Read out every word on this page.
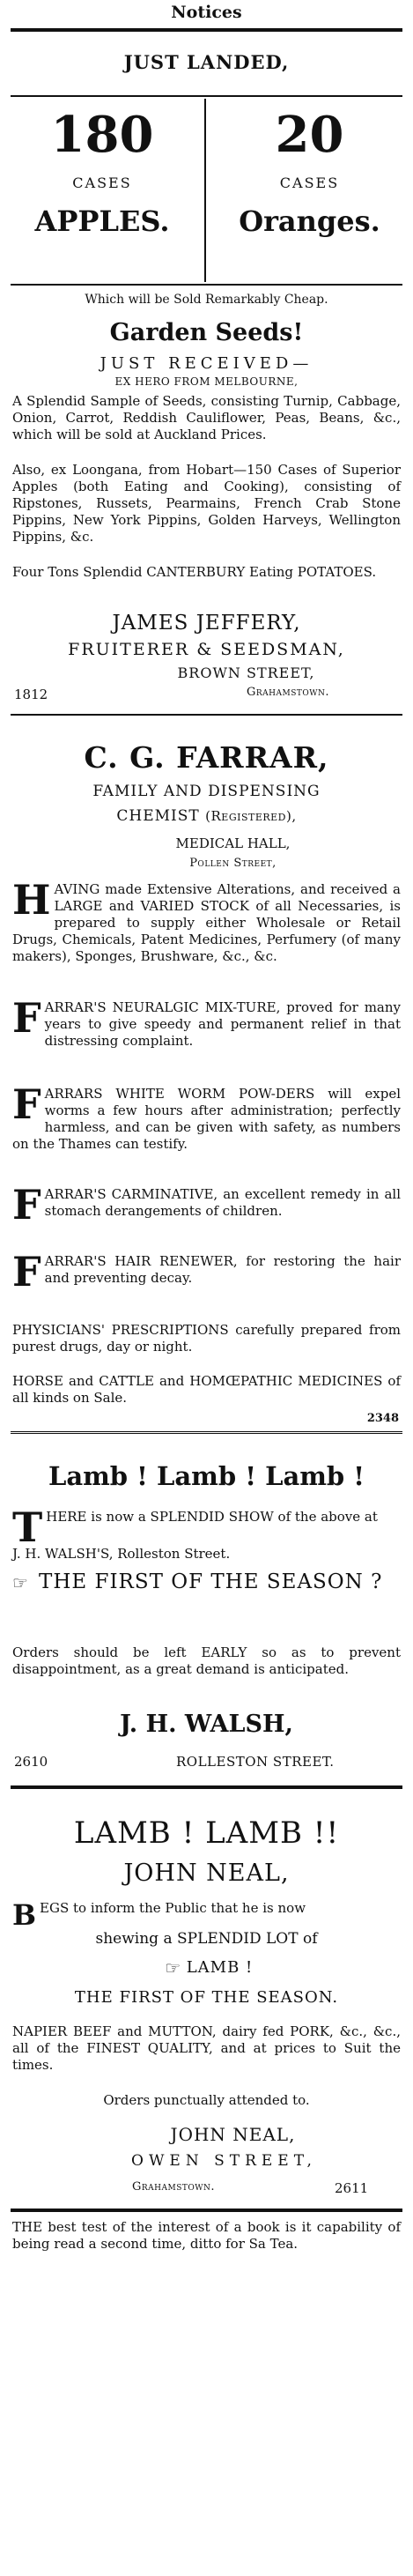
Notices
JUST LANDED,
180
CASES
APPLES.
20
CASES
Oranges.
Which will be Sold Remarkably Cheap.
Garden Seeds!
JUST RECEIVED—
EX HERO FROM MELBOURNE,
A Splendid Sample of Seeds, consisting Turnip, Cabbage, Onion, Carrot, Reddish Cauliflower, Peas, Beans, &c., which will be sold at Auckland Prices.
Also, ex Loongana, from Hobart—150 Cases of Superior Apples (both Eating and Cooking), consisting of Ripstones, Russets, Pearmains, French Crab Stone Pippins, New York Pippins, Golden Harveys, Wellington Pippins, &c.
Four Tons Splendid CANTERBURY Eating POTATOES.
JAMES JEFFERY,
FRUITERER & SEEDSMAN,
BROWN STREET,
1812	Grahamstown.
C. G. FARRAR,
FAMILY AND DISPENSING
CHEMIST (Registered),
MEDICAL HALL,
Pollen Street,
HAVING made Extensive Alterations, and received a LARGE and VARIED STOCK of all Necessaries, is prepared to supply either Wholesale or Retail Drugs, Chemicals, Patent Medicines, Perfumery (of many makers), Sponges, Brushware, &c., &c.
FARRAR'S NEURALGIC MIX-TURE, proved for many years to give speedy and permanent relief in that distressing complaint.
FARRARS WHITE WORM POW-DERS will expel worms a few hours after administration; perfectly harmless, and can be given with safety, as numbers on the Thames can testify.
FARRAR'S CARMINATIVE, an excellent remedy in all stomach derangements of children.
FARRAR'S HAIR RENEWER, for restoring the hair and preventing decay.
PHYSICIANS' PRESCRIPTIONS carefully prepared from purest drugs, day or night.
HORSE and CATTLE and HOMŒPATHIC MEDICINES of all kinds on Sale.
2348
Lamb ! Lamb ! Lamb !
THERE is now a SPLENDID SHOW of the above at
J. H. WALSH'S, Rolleston Street.
☞ THE FIRST OF THE SEASON ?
Orders should be left EARLY so as to prevent disappointment, as a great demand is anticipated.
J. H. WALSH,
2610	ROLLESTON STREET.
LAMB ! LAMB !!
JOHN NEAL,
BEGS to inform the Public that he is now
shewing a SPLENDID LOT of
☞ LAMB !
THE FIRST OF THE SEASON.
NAPIER BEEF and MUTTON, dairy fed PORK, &c., &c., all of the FINEST QUALITY, and at prices to Suit the times.
Orders punctually attended to.
JOHN NEAL,
OWEN STREET,
Grahamstown.	2611
THE best test of the interest of a book is it capability of being read a second time, ditto for Sa Tea.
